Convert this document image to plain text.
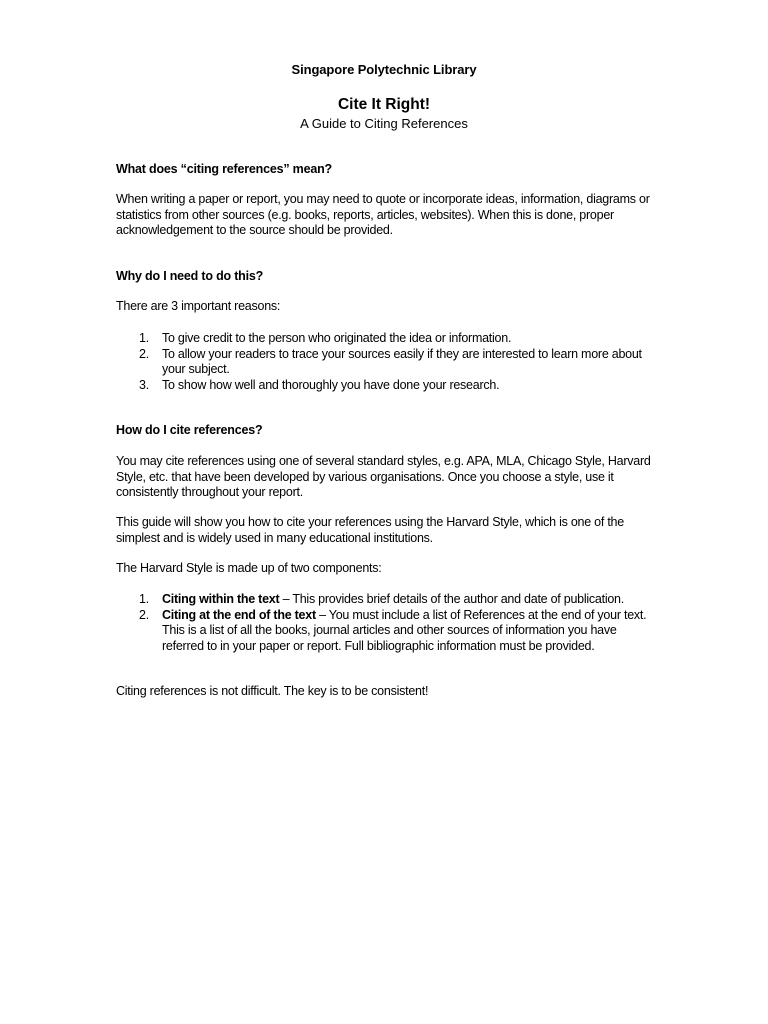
Singapore Polytechnic Library
Cite It Right!
A Guide to Citing References
What does “citing references” mean?

When writing a paper or report, you may need to quote or incorporate ideas, information, diagrams or statistics from other sources (e.g. books, reports, articles, websites). When this is done, proper acknowledgement to the source should be provided.

Why do I need to do this?

There are 3 important reasons:

1. To give credit to the person who originated the idea or information.
2. To allow your readers to trace your sources easily if they are interested to learn more about your subject.
3. To show how well and thoroughly you have done your research.
How do I cite references?

You may cite references using one of several standard styles, e.g. APA, MLA, Chicago Style, Harvard Style, etc. that have been developed by various organisations. Once you choose a style, use it consistently throughout your report.

This guide will show you how to cite your references using the Harvard Style, which is one of the simplest and is widely used in many educational institutions.

The Harvard Style is made up of two components:

1. Citing within the text – This provides brief details of the author and date of publication.
2. Citing at the end of the text – You must include a list of References at the end of your text. This is a list of all the books, journal articles and other sources of information you have referred to in your paper or report. Full bibliographic information must be provided.

Citing references is not difficult. The key is to be consistent!
